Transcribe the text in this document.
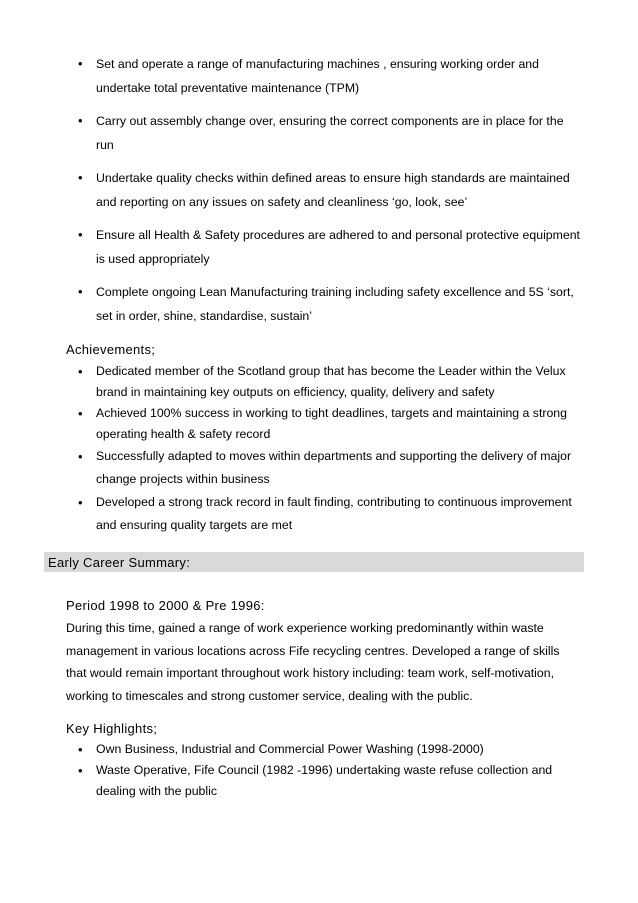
• Set and operate a range of manufacturing machines , ensuring working order and undertake total preventative maintenance (TPM)
• Carry out assembly change over, ensuring the correct components are in place for the run
• Undertake quality checks within defined areas to ensure high standards are maintained and reporting on any issues on safety and cleanliness ‘go, look, see’
• Ensure all Health & Safety procedures are adhered to and personal protective equipment is used appropriately
• Complete ongoing Lean Manufacturing training including safety excellence and 5S ‘sort, set in order, shine, standardise, sustain’
Achievements;
• Dedicated member of the Scotland group that has become the Leader within the Velux brand in maintaining key outputs on efficiency, quality, delivery and safety
• Achieved 100% success in working to tight deadlines, targets and maintaining a strong operating health & safety record
• Successfully adapted to moves within departments and supporting the delivery of major change projects within business
• Developed a strong track record in fault finding, contributing to continuous improvement and ensuring quality targets are met
Early Career Summary:
Period 1998 to 2000 & Pre 1996:
During this time, gained a range of work experience working predominantly within waste management in various locations across Fife recycling centres. Developed a range of skills that would remain important throughout work history including: team work, self-motivation, working to timescales and strong customer service, dealing with the public.
Key Highlights;
• Own Business, Industrial and Commercial Power Washing (1998-2000)
• Waste Operative, Fife Council (1982 -1996) undertaking waste refuse collection and dealing with the public
